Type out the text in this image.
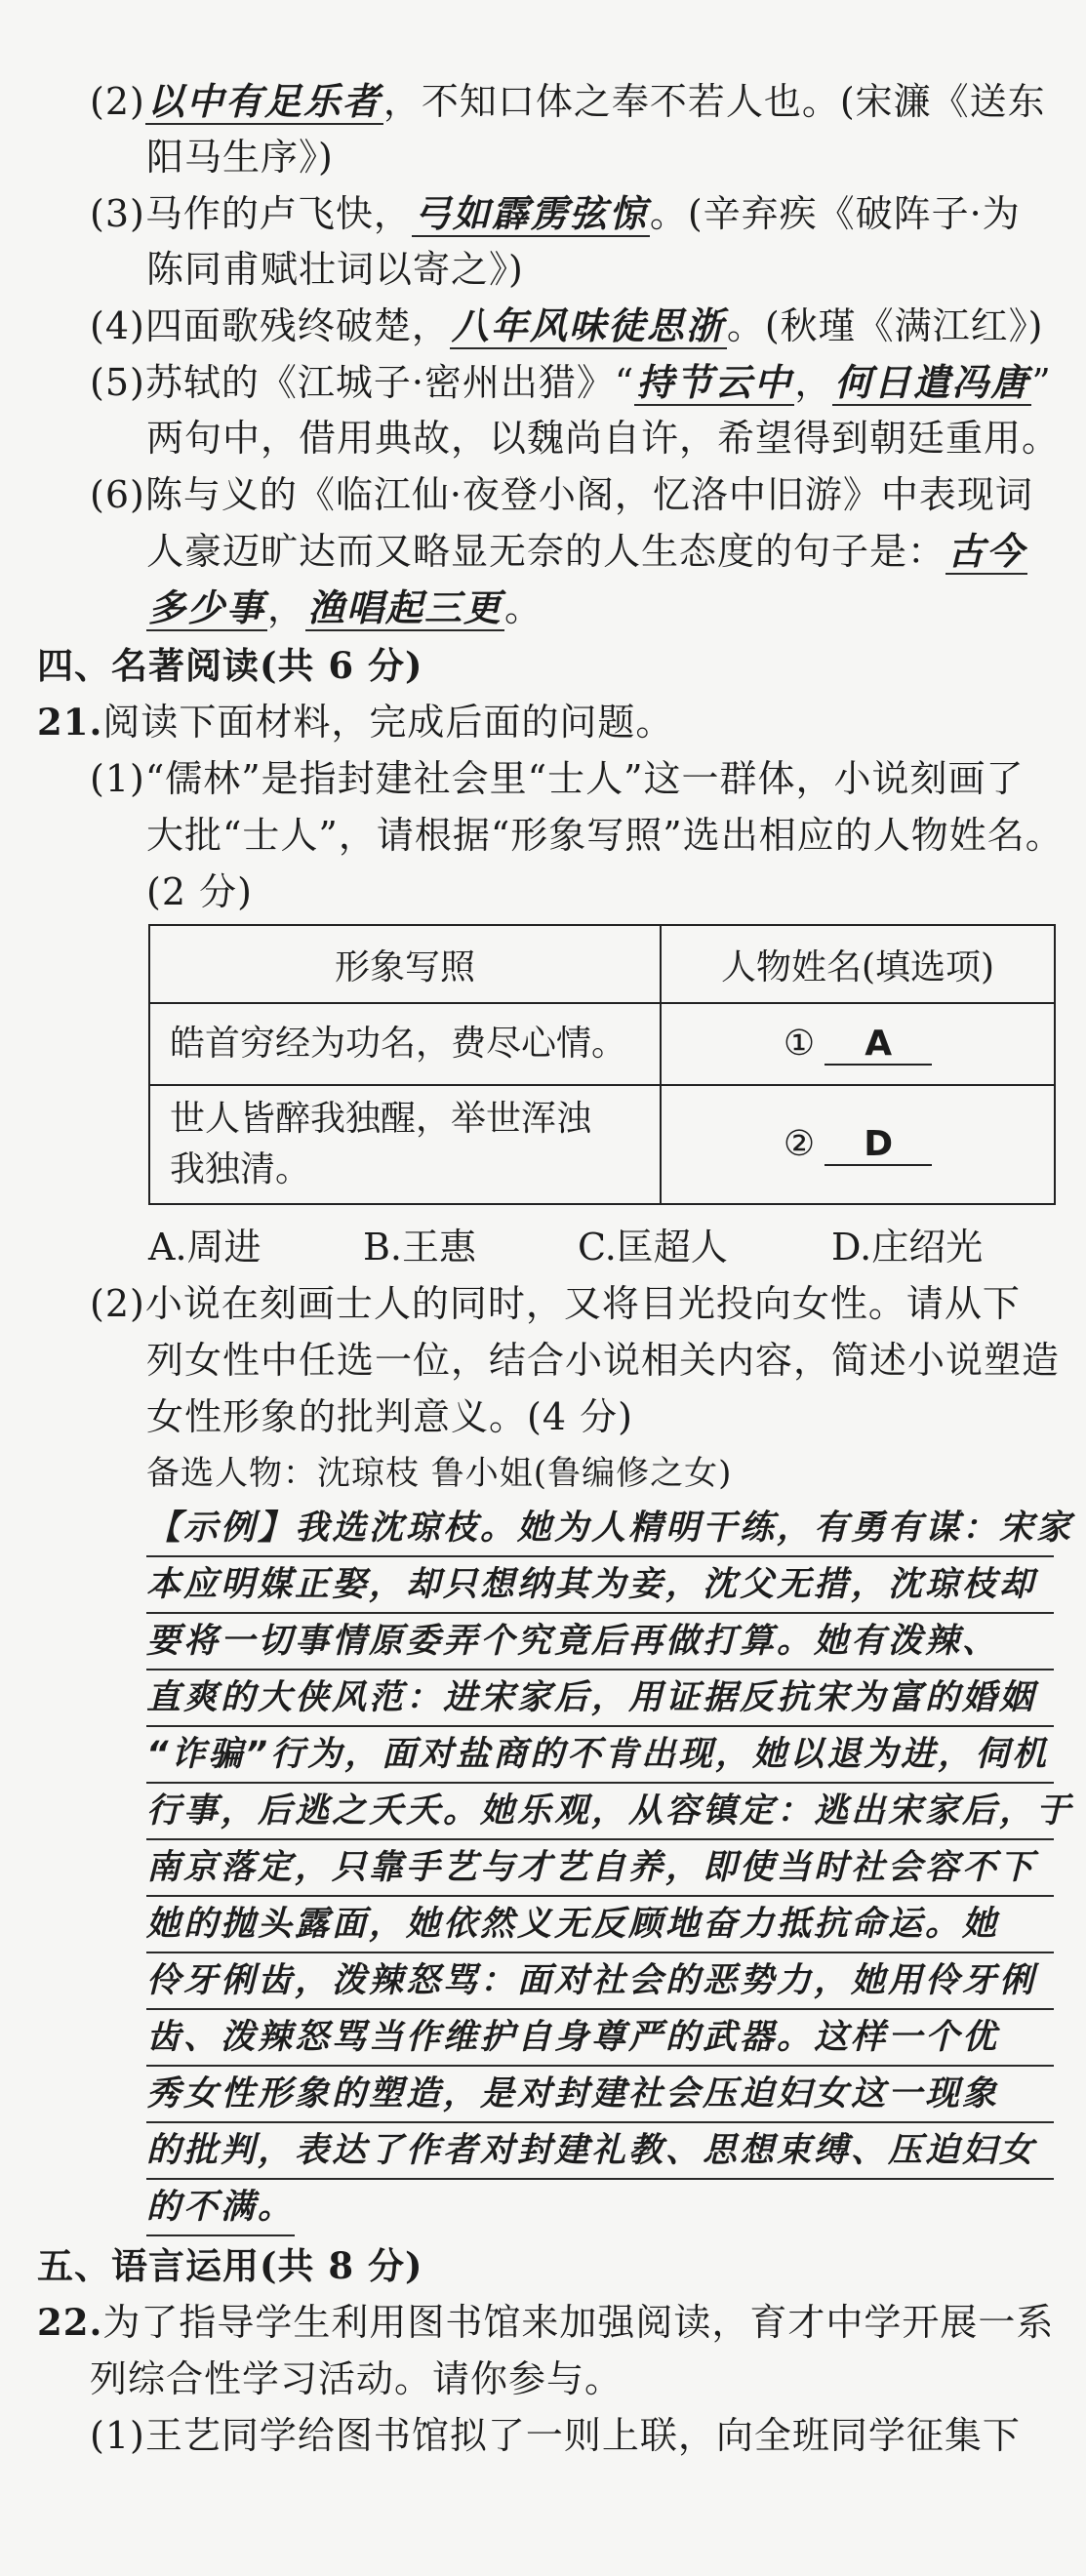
(2)以中有足乐者，不知口体之奉不若人也。(宋濂《送东
阳马生序》)
(3)马作的卢飞快，弓如霹雳弦惊。(辛弃疾《破阵子·为
陈同甫赋壮词以寄之》)
(4)四面歌残终破楚，八年风味徒思浙。(秋瑾《满江红》)
(5)苏轼的《江城子·密州出猎》“持节云中，何日遣冯唐”
两句中，借用典故，以魏尚自许，希望得到朝廷重用。
(6)陈与义的《临江仙·夜登小阁，忆洛中旧游》中表现词
人豪迈旷达而又略显无奈的人生态度的句子是：古今
多少事，渔唱起三更。
四、名著阅读(共 6 分)
21.阅读下面材料，完成后面的问题。
(1)“儒林”是指封建社会里“士人”这一群体，小说刻画了
大批“士人”，请根据“形象写照”选出相应的人物姓名。
(2 分)
形象写照	人物姓名(填选项)
皓首穷经为功名，费尽心情。	① A

世人皆醉我独醒，举世浑浊
我独清。	② D
A.周进	B.王惠	C.匡超人	D.庄绍光
(2)小说在刻画士人的同时，又将目光投向女性。请从下
列女性中任选一位，结合小说相关内容，简述小说塑造
女性形象的批判意义。(4 分)
备选人物：沈琼枝 鲁小姐(鲁编修之女)
【示例】我选沈琼枝。她为人精明干练，有勇有谋：宋家
本应明媒正娶，却只想纳其为妾，沈父无措，沈琼枝却
要将一切事情原委弄个究竟后再做打算。她有泼辣、
直爽的大侠风范：进宋家后，用证据反抗宋为富的婚姻
“诈骗”行为，面对盐商的不肯出现，她以退为进，伺机
行事，后逃之夭夭。她乐观，从容镇定：逃出宋家后，于
南京落定，只靠手艺与才艺自养，即使当时社会容不下
她的抛头露面，她依然义无反顾地奋力抵抗命运。她
伶牙俐齿，泼辣怒骂：面对社会的恶势力，她用伶牙俐
齿、泼辣怒骂当作维护自身尊严的武器。这样一个优
秀女性形象的塑造，是对封建社会压迫妇女这一现象
的批判，表达了作者对封建礼教、思想束缚、压迫妇女
的不满。
五、语言运用(共 8 分)
22.为了指导学生利用图书馆来加强阅读，育才中学开展一系
列综合性学习活动。请你参与。
(1)王艺同学给图书馆拟了一则上联，向全班同学征集下
